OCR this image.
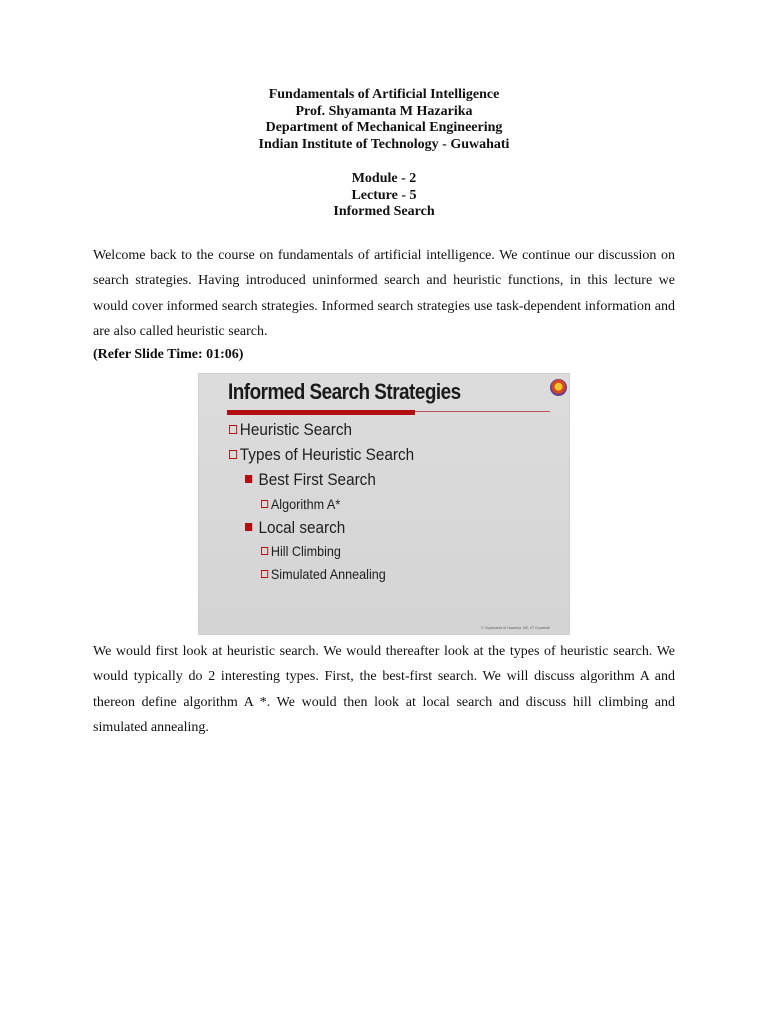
Fundamentals of Artificial Intelligence
Prof. Shyamanta M Hazarika
Department of Mechanical Engineering
Indian Institute of Technology - Guwahati
Module - 2
Lecture - 5
Informed Search

Welcome back to the course on fundamentals of artificial intelligence. We continue our discussion on search strategies. Having introduced uninformed search and heuristic functions, in this lecture we would cover informed search strategies. Informed search strategies use task-dependent information and are also called heuristic search.

(Refer Slide Time: 01:06)
Informed Search Strategies
Heuristic Search
Types of Heuristic Search
Best First Search
Algorithm A*
Local search
Hill Climbing
Simulated Annealing
© Shyamanta M Hazarika, ME, IIT Guwahati

We would first look at heuristic search. We would thereafter look at the types of heuristic search. We would typically do 2 interesting types. First, the best-first search. We will discuss algorithm A and thereon define algorithm A *. We would then look at local search and discuss hill climbing and simulated annealing.
